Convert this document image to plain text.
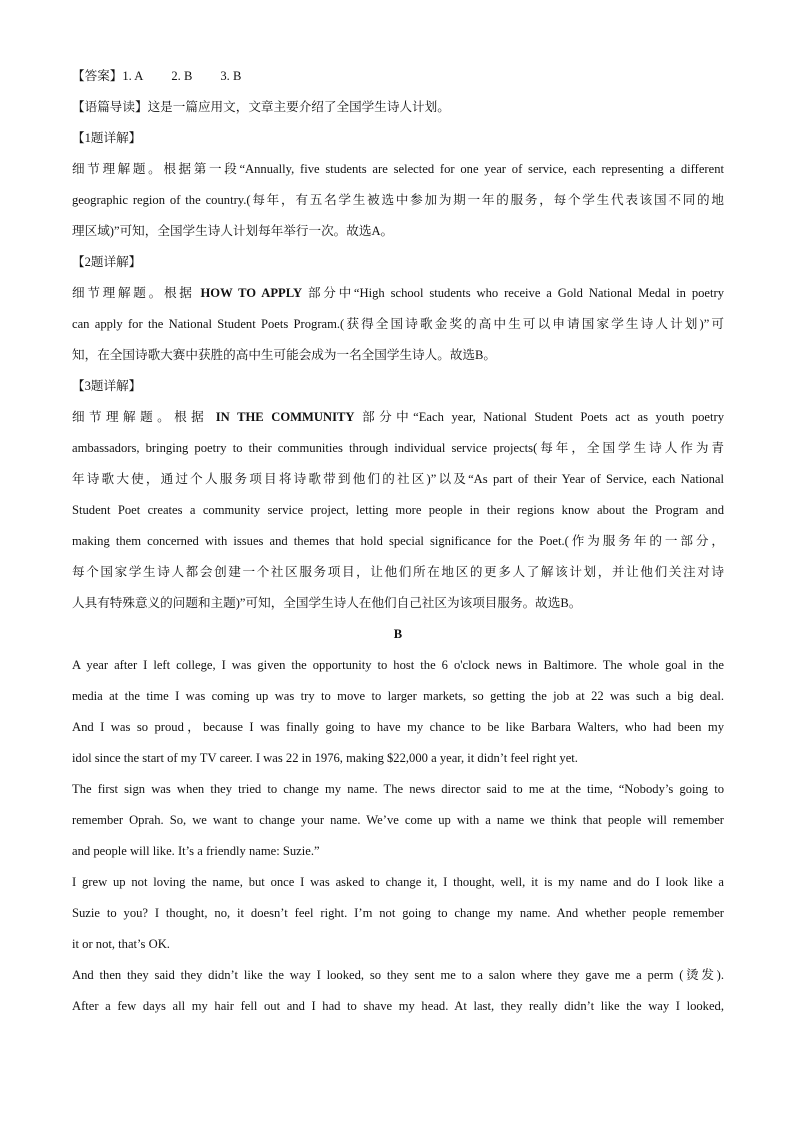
【答案】1. A 2. B 3. B
【语篇导读】这是一篇应用文，文章主要介绍了全国学生诗人计划。
【1题详解】
细节理解题。根据第一段“Annually, five students are selected for one year of service, each representing a different
geographic region of the country.(每年，有五名学生被选中参加为期一年的服务，每个学生代表该国不同的地
理区域)”可知，全国学生诗人计划每年举行一次。故选A。
【2题详解】
细节理解题。根据 HOW TO APPLY 部分中“High school students who receive a Gold National Medal in poetry
can apply for the National Student Poets Program.(获得全国诗歌金奖的高中生可以申请国家学生诗人计划)”可
知，在全国诗歌大赛中获胜的高中生可能会成为一名全国学生诗人。故选B。
【3题详解】
细节理解题。根据 IN THE COMMUNITY 部分中“Each year, National Student Poets act as youth poetry
ambassadors, bringing poetry to their communities through individual service projects(每年，全国学生诗人作为青
年诗歌大使，通过个人服务项目将诗歌带到他们的社区)”以及“As part of their Year of Service, each National
Student Poet creates a community service project, letting more people in their regions know about the Program and
making them concerned with issues and themes that hold special significance for the Poet.(作为服务年的一部分，
每个国家学生诗人都会创建一个社区服务项目，让他们所在地区的更多人了解该计划，并让他们关注对诗
人具有特殊意义的问题和主题)”可知，全国学生诗人在他们自己社区为该项目服务。故选B。
B
A year after I left college, I was given the opportunity to host the 6 o'clock news in Baltimore. The whole goal in the
media at the time I was coming up was try to move to larger markets, so getting the job at 22 was such a big deal.
And I was so proud，because I was finally going to have my chance to be like Barbara Walters, who had been my
idol since the start of my TV career. I was 22 in 1976, making $22,000 a year, it didn’t feel right yet.
The first sign was when they tried to change my name. The news director said to me at the time, “Nobody’s going to
remember Oprah. So, we want to change your name. We’ve come up with a name we think that people will remember
and people will like. It’s a friendly name: Suzie.”
I grew up not loving the name, but once I was asked to change it, I thought, well, it is my name and do I look like a
Suzie to you? I thought, no, it doesn’t feel right. I’m not going to change my name. And whether people remember
it or not, that’s OK.
And then they said they didn’t like the way I looked, so they sent me to a salon where they gave me a perm (烫发).
After a few days all my hair fell out and I had to shave my head. At last, they really didn’t like the way I looked,
